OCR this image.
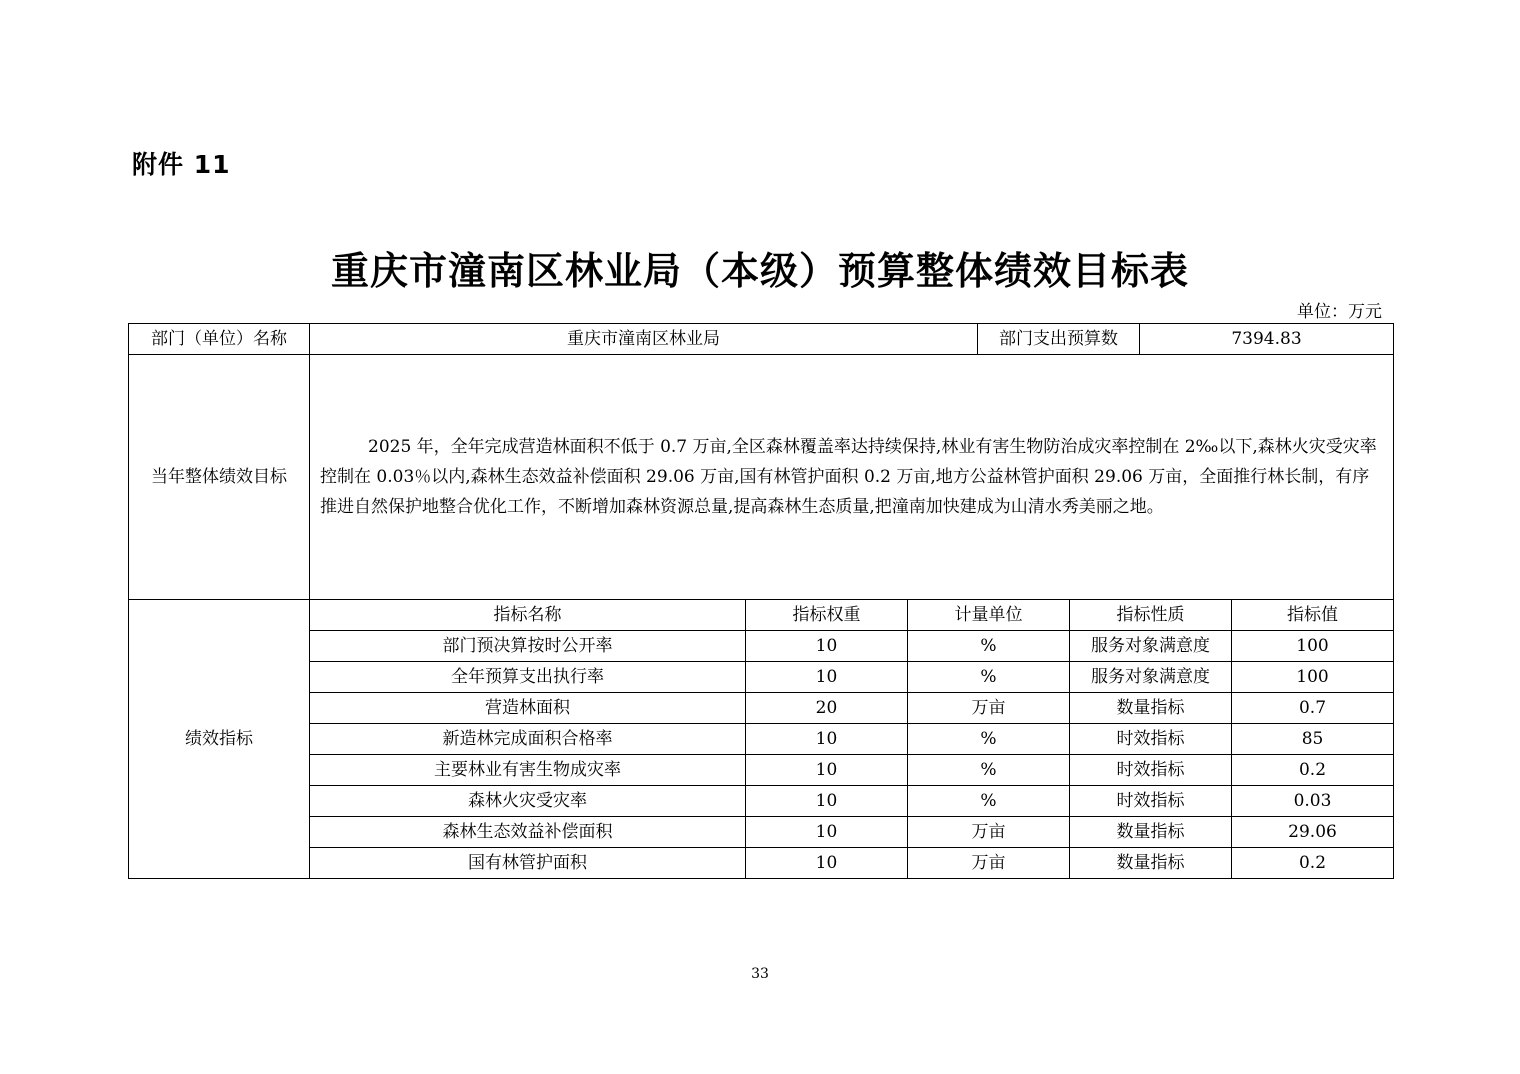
附件 11
重庆市潼南区林业局（本级）预算整体绩效目标表
单位：万元
部门（单位）名称	重庆市潼南区林业局			部门支出预算数		7394.83	
当年整体绩效目标	2025 年，全年完成营造林面积不低于 0.7 万亩,全区森林覆盖率达持续保持,林业有害生物防治成灾率控制在 2‰以下,森林火灾受灾率控制在 0.03％以内,森林生态效益补偿面积 29.06 万亩,国有林管护面积 0.2 万亩,地方公益林管护面积 29.06 万亩，全面推行林长制，有序推进自然保护地整合优化工作，不断增加森林资源总量,提高森林生态质量,把潼南加快建成为山清水秀美丽之地。						
绩效指标	指标名称	指标权重	计量单位		指标性质		指标值
	部门预决算按时公开率	10	%		服务对象满意度		100
	全年预算支出执行率	10	%		服务对象满意度		100
	营造林面积	20	万亩		数量指标		0.7
	新造林完成面积合格率	10	%		时效指标		85
	主要林业有害生物成灾率	10	%		时效指标		0.2
	森林火灾受灾率	10	%		时效指标		0.03
	森林生态效益补偿面积	10	万亩		数量指标		29.06
	国有林管护面积	10	万亩		数量指标		0.2
33
